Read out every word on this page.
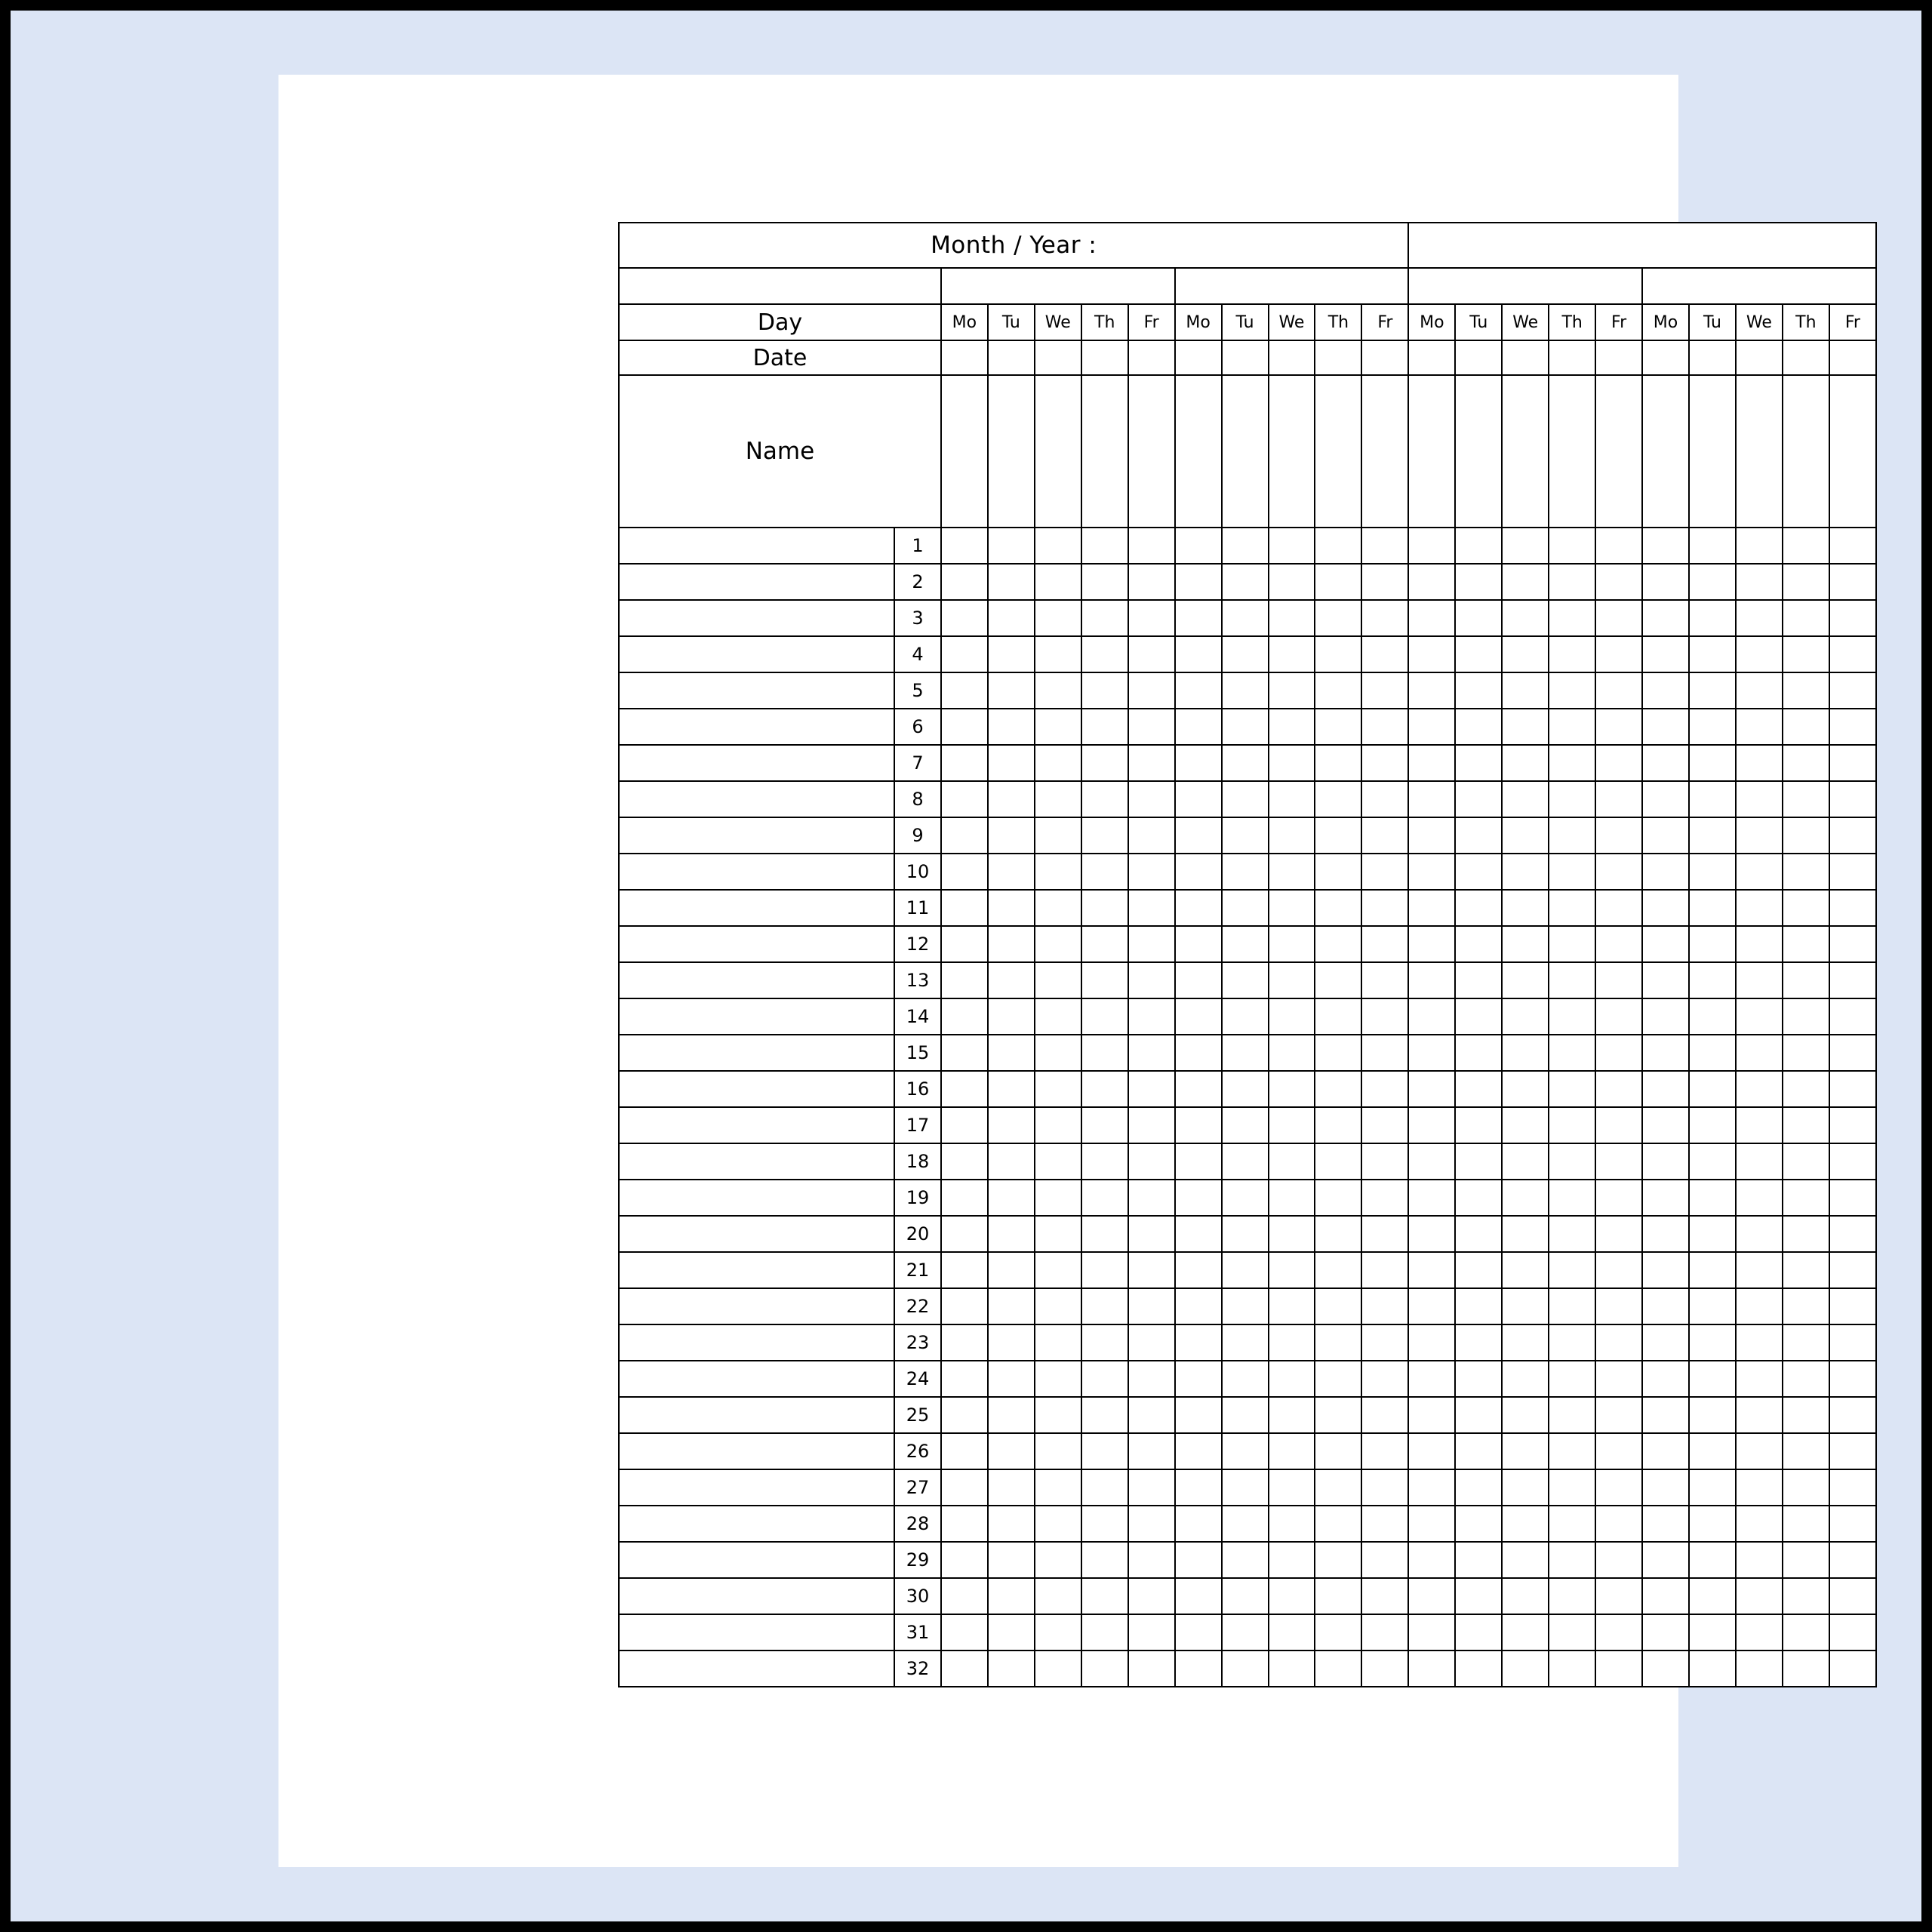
Month / Year :																					

Day		Mo	Tu	We	Th	Fr	Mo	Tu	We	Th	Fr	Mo	Tu	We	Th	Fr	Mo	Tu	We	Th	Fr
Date																					
Name																					
	1																				
	2																				
	3																				
	4																				
	5																				
	6																				
	7																				
	8																				
	9																				
	10																				
	11																				
	12																				
	13																				
	14																				
	15																				
	16																				
	17																				
	18																				
	19																				
	20																				
	21																				
	22																				
	23																				
	24																				
	25																				
	26																				
	27																				
	28																				
	29																				
	30																				
	31																				
	32																				
